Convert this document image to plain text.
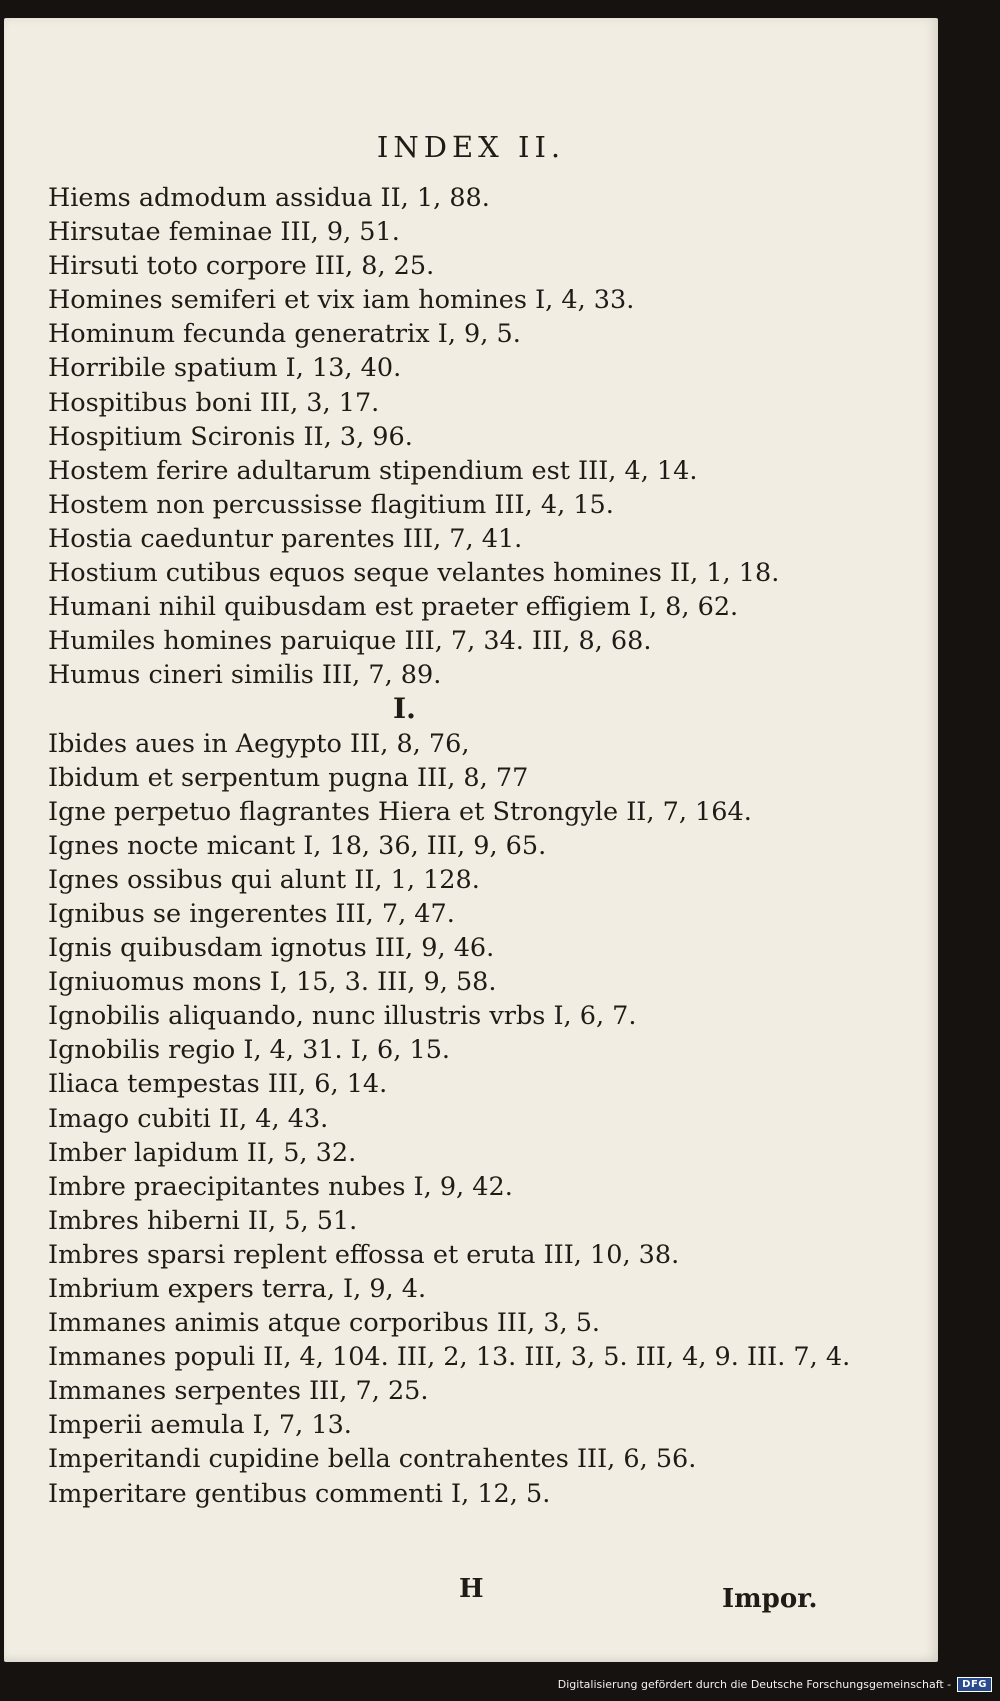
INDEX II.
Hiems admodum assidua II, 1, 88.
Hirsutae feminae III, 9, 51.
Hirsuti toto corpore III, 8, 25.
Homines semiferi et vix iam homines I, 4, 33.
Hominum fecunda generatrix I, 9, 5.
Horribile spatium I, 13, 40.
Hospitibus boni III, 3, 17.
Hospitium Scironis II, 3, 96.
Hostem ferire adultarum stipendium est III, 4, 14.
Hostem non percussisse flagitium III, 4, 15.
Hostia caeduntur parentes III, 7, 41.
Hostium cutibus equos seque velantes homines II, 1, 18.
Humani nihil quibusdam est praeter effigiem I, 8, 62.
Humiles homines paruique III, 7, 34. III, 8, 68.
Humus cineri similis III, 7, 89.
I.
Ibides aues in Aegypto III, 8, 76,
Ibidum et serpentum pugna III, 8, 77
Igne perpetuo flagrantes Hiera et Strongyle II, 7, 164.
Ignes nocte micant I, 18, 36, III, 9, 65.
Ignes ossibus qui alunt II, 1, 128.
Ignibus se ingerentes III, 7, 47.
Ignis quibusdam ignotus III, 9, 46.
Igniuomus mons I, 15, 3. III, 9, 58.
Ignobilis aliquando, nunc illustris vrbs I, 6, 7.
Ignobilis regio I, 4, 31. I, 6, 15.
Iliaca tempestas III, 6, 14.
Imago cubiti II, 4, 43.
Imber lapidum II, 5, 32.
Imbre praecipitantes nubes I, 9, 42.
Imbres hiberni II, 5, 51.
Imbres sparsi replent effossa et eruta III, 10, 38.
Imbrium expers terra, I, 9, 4.
Immanes animis atque corporibus III, 3, 5.
Immanes populi II, 4, 104. III, 2, 13. III, 3, 5. III, 4, 9. III. 7, 4.
Immanes serpentes III, 7, 25.
Imperii aemula I, 7, 13.
Imperitandi cupidine bella contrahentes III, 6, 56.
Imperitare gentibus commenti I, 12, 5.
H	Impor.
Digitalisierung gefördert durch die Deutsche Forschungsgemeinschaft -	DFG
